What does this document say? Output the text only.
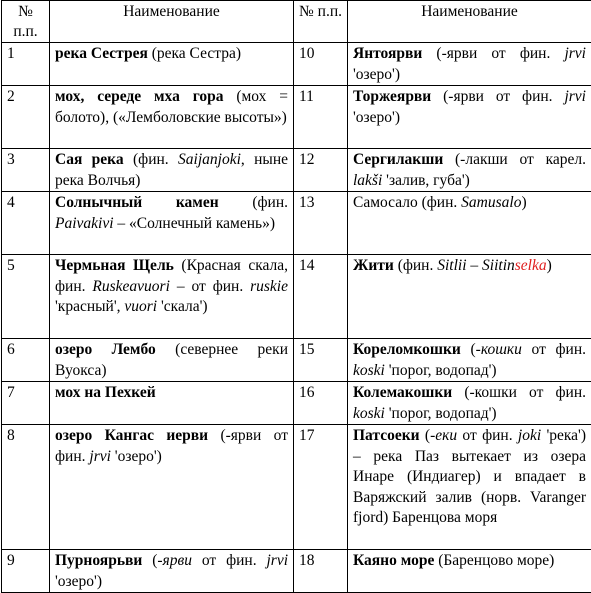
№ п.п.	Наименование	№ п.п.	Наименование
1	река Сестрея (река Сестра)	10	Янтоярви (-ярви от фин. jrvi 'озеро')
2	мох, середе мха гора (мох = болото), («Лемболовские высоты»)	11	Торжеярви (-ярви от фин. jrvi 'озеро')
3	Сая река (фин. Saijanjoki, ныне река Волчья)	12	Сергилакши (-лакши от карел. lakši 'залив, губа')
4	Солнычный камен (фин. Paivakivi – «Солнечный камень»)	13	Самосало (фин. Samusalo)
5	Чермьная Щель (Красная скала, фин. Ruskeavuori – от фин. ruskie 'красный', vuori 'скала')	14	Жити (фин. Sitlii – Siitinselka)
6	озеро Лембо (севернее реки Вуокса)	15	Кореломкошки (-кошки от фин. koski 'порог, водопад')
7	мох на Пехкей	16	Колемакошки (-кошки от фин. koski 'порог, водопад')
8	озеро Кангас иерви (-ярви от фин. jrvi 'озеро')	17	Патсоеки (-еки от фин. joki 'река') – река Паз вытекает из озера Инаре (Индиагер) и впадает в Варяжский залив (норв. Varanger fjord) Баренцова моря
9	Пурноярьви (-ярви от фин. jrvi 'озеро')	18	Каяно море (Баренцово море)
